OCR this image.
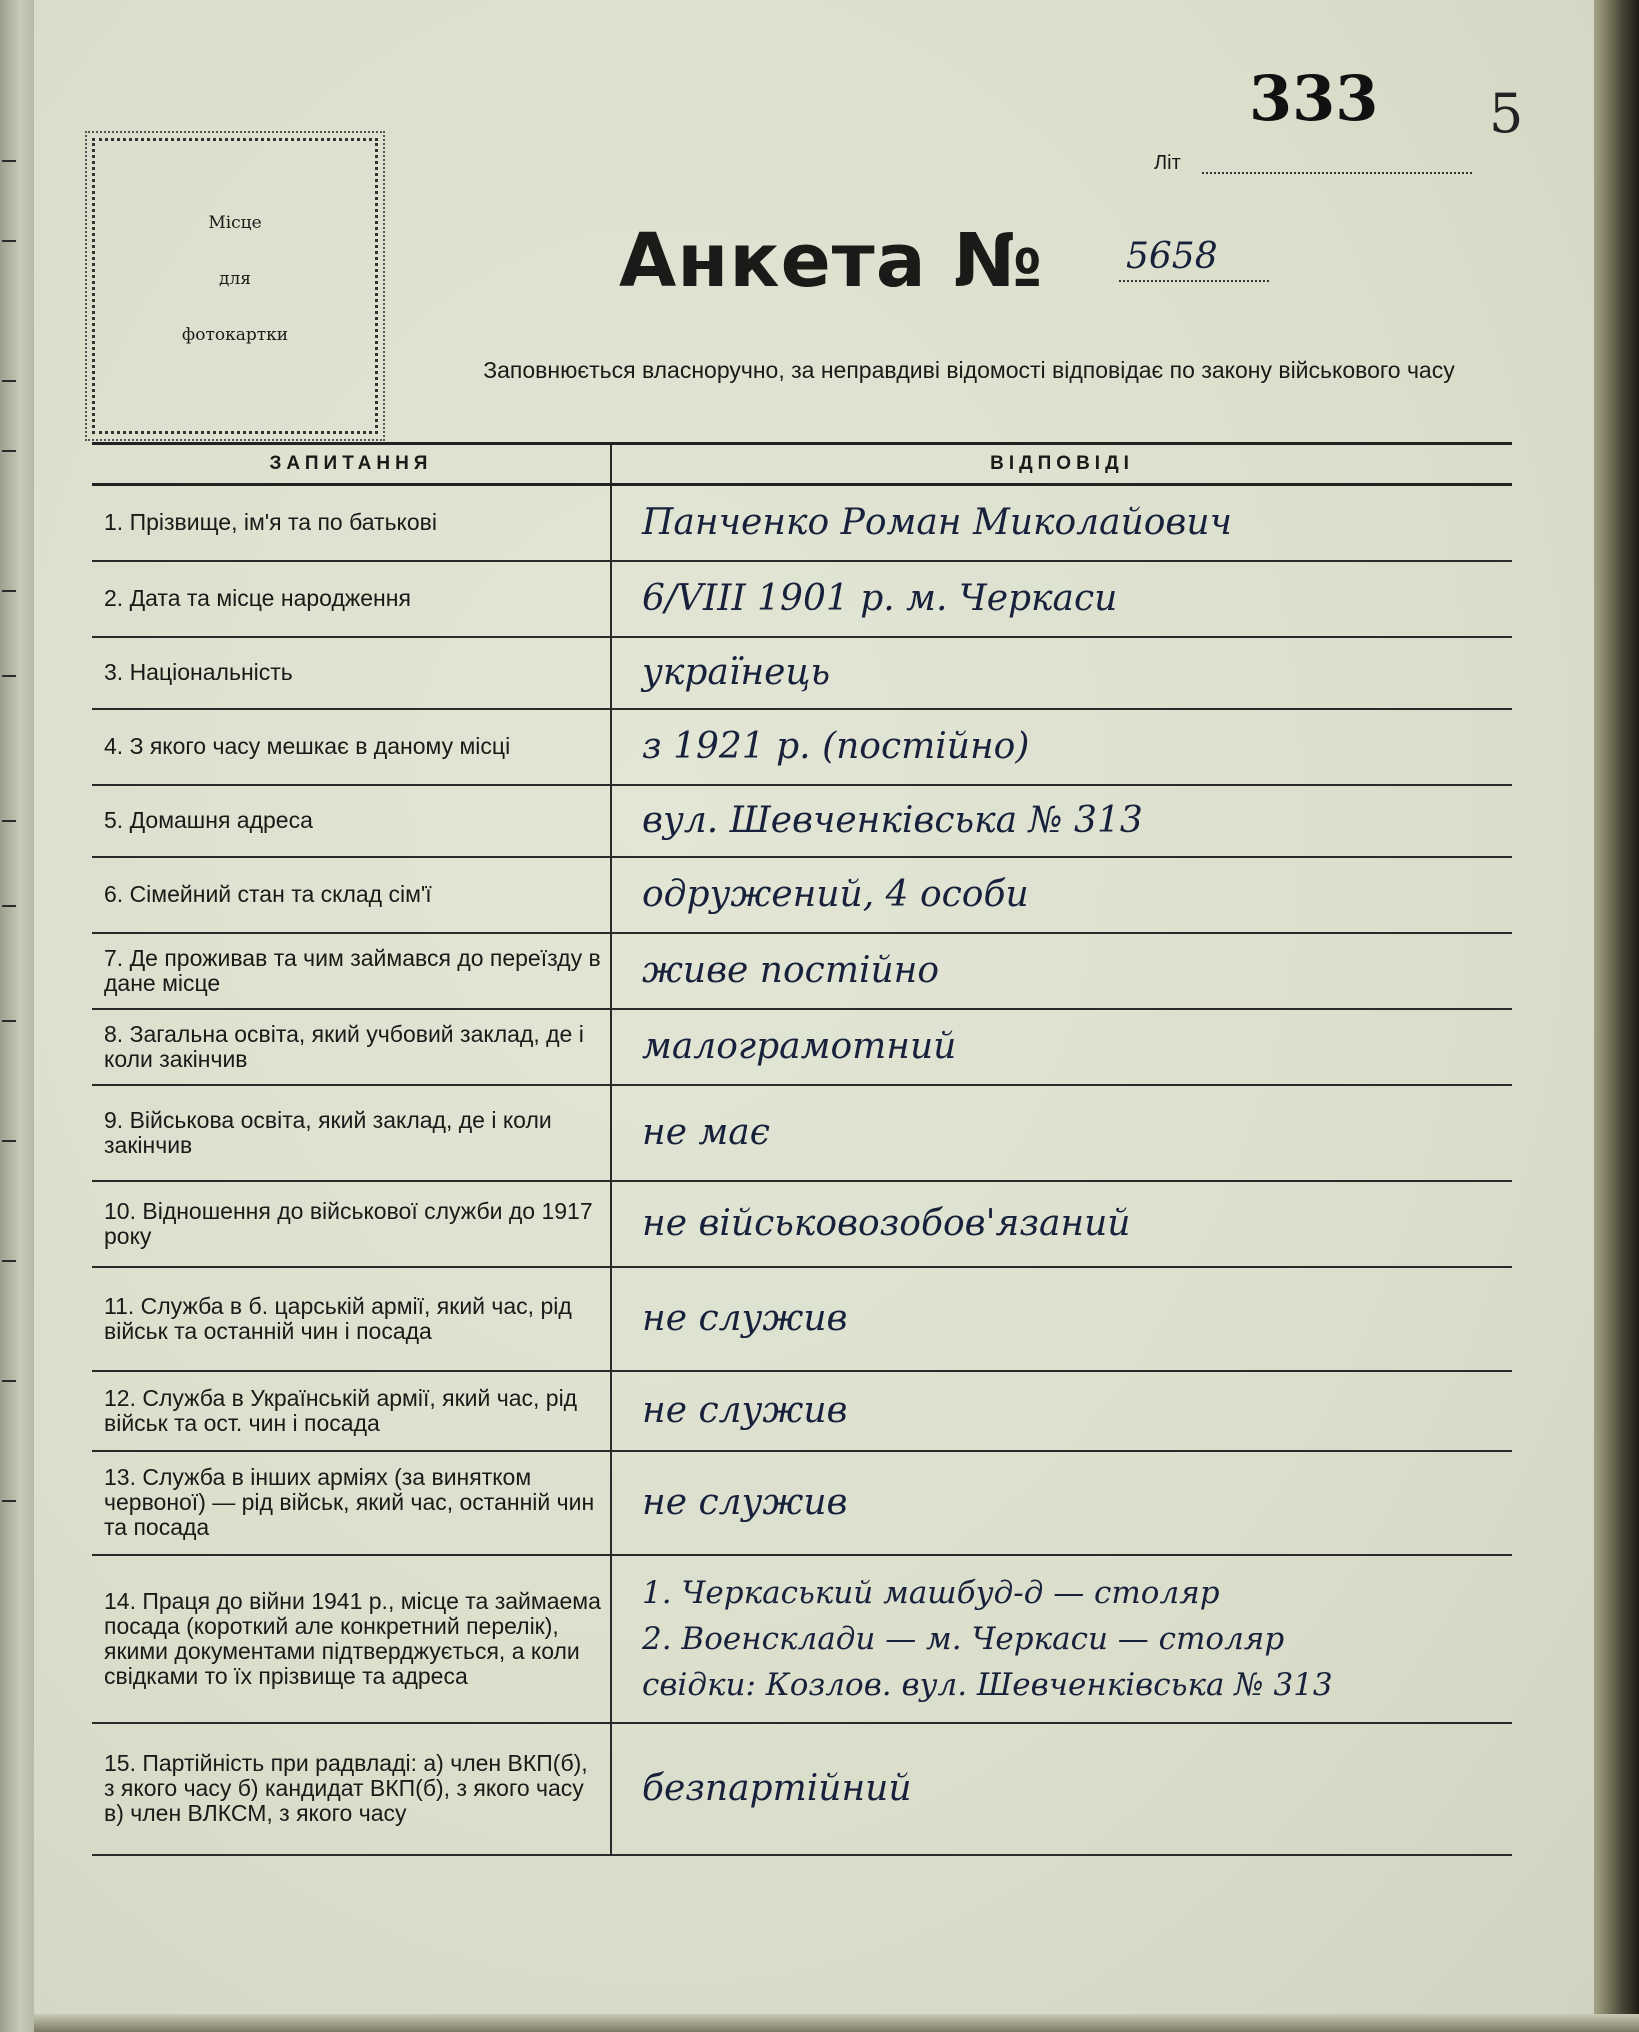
Місце
для
фотокартки
Літ
333 5
Анкета № 5658
Заповнюється власноручно, за неправдиві відомості відповідає по закону військового часу
ЗАПИТАННЯ	ВІДПОВІДІ
1. Прізвище, ім'я та по батькові	Панченко Роман Миколайович

2. Дата та місце народження	6/VIII 1901 р. м. Черкаси

3. Національність	українець

4. З якого часу мешкає в даному місці	з 1921 р. (постійно)

5. Домашня адреса	вул. Шевченківська № 313

6. Сімейний стан та склад сім'ї	одружений, 4 особи

7. Де проживав та чим займався до переїзду в дане місце	живе постійно

8. Загальна освіта, який учбовий заклад, де і коли закінчив	малограмотний

9. Військова освіта, який заклад, де і коли закінчив	не має

10. Відношення до військової служби до 1917 року	не військовозобов'язаний

11. Служба в б. царській армії, який час, рід військ та останній чин і посада	не служив

12. Служба в Українській армії, який час, рід військ та ост. чин і посада	не служив

13. Служба в інших арміях (за винятком червоної) — рід військ, який час, останній чин та посада	не служив

14. Праця до війни 1941 р., місце та займаема посада (короткий але конкретний перелік), якими документами підтверджується, а коли свідками то їх прізвище та адреса	1. Черкаський машбуд-д — столяр
2. Военсклади — м. Черкаси — столяр
свідки: Козлов. вул. Шевченківська № 313

15. Партійність при радвладі: а) член ВКП(б), з якого часу б) кандидат ВКП(б), з якого часу в) член ВЛКСМ, з якого часу	безпартійний
